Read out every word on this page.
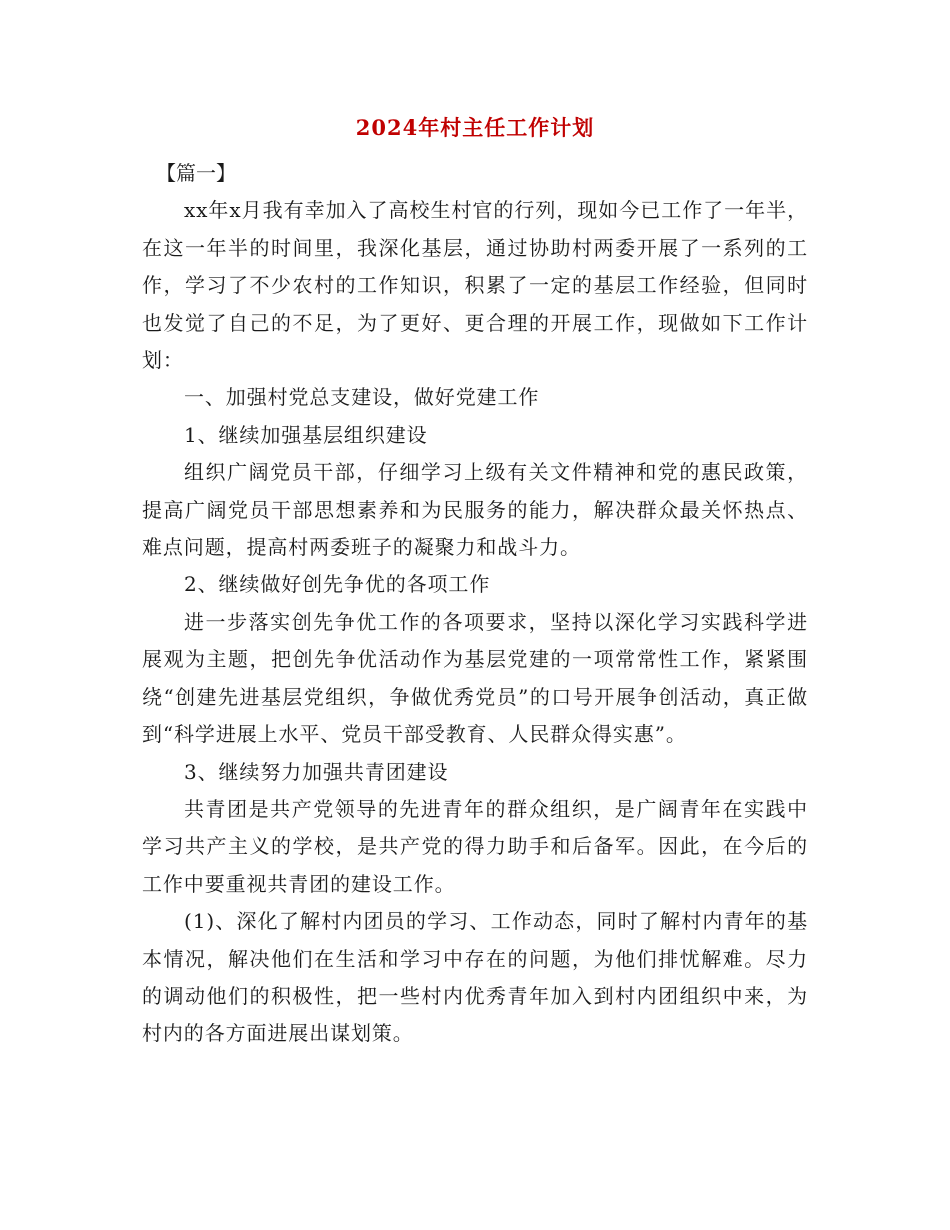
2024年村主任工作计划

【篇一】

xx年x月我有幸加入了高校生村官的行列，现如今已工作了一年半，在这一年半的时间里，我深化基层，通过协助村两委开展了一系列的工作，学习了不少农村的工作知识，积累了一定的基层工作经验，但同时也发觉了自己的不足，为了更好、更合理的开展工作，现做如下工作计划：

一、加强村党总支建设，做好党建工作

1、继续加强基层组织建设

组织广阔党员干部，仔细学习上级有关文件精神和党的惠民政策，提高广阔党员干部思想素养和为民服务的能力，解决群众最关怀热点、难点问题，提高村两委班子的凝聚力和战斗力。

2、继续做好创先争优的各项工作

进一步落实创先争优工作的各项要求，坚持以深化学习实践科学进展观为主题，把创先争优活动作为基层党建的一项常常性工作，紧紧围绕“创建先进基层党组织，争做优秀党员”的口号开展争创活动，真正做到“科学进展上水平、党员干部受教育、人民群众得实惠”。

3、继续努力加强共青团建设

共青团是共产党领导的先进青年的群众组织，是广阔青年在实践中学习共产主义的学校，是共产党的得力助手和后备军。因此，在今后的工作中要重视共青团的建设工作。

(1)、深化了解村内团员的学习、工作动态，同时了解村内青年的基本情况，解决他们在生活和学习中存在的问题，为他们排忧解难。尽力的调动他们的积极性，把一些村内优秀青年加入到村内团组织中来，为村内的各方面进展出谋划策。
